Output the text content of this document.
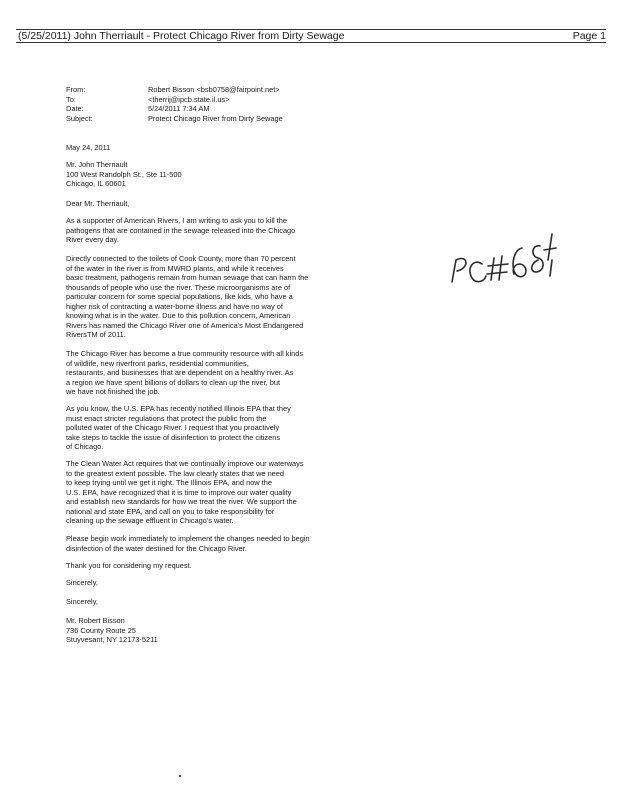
(5/25/2011) John Therriault - Protect Chicago River from Dirty Sewage	Page 1
From:	Robert Bisson <bsb0758@fairpoint.net>
To:	<therrij@ipcb.state.il.us>
Date:	5/24/2011 7:34 AM
Subject:	Protect Chicago River from Dirty Sewage
May 24, 2011
Mr. John Therriault
100 West Randolph St., Ste 11-500
Chicago, IL 60601
Dear Mr. Therriault,
As a supporter of American Rivers, I am writing to ask you to kill the
pathogens that are contained in the sewage released into the Chicago
River every day.
Directly connected to the toilets of Cook County, more than 70 percent
of the water in the river is from MWRD plants, and while it receives
basic treatment, pathogens remain from human sewage that can harm the
thousands of people who use the river. These microorganisms are of
particular concern for some special populations, like kids, who have a
higher risk of contracting a water-borne illness and have no way of
knowing what is in the water. Due to this pollution concern, American
Rivers has named the Chicago River one of America's Most Endangered
RiversTM of 2011.
The Chicago River has become a true community resource with all kinds
of wildlife, new riverfront parks, residential communities,
restaurants, and businesses that are dependent on a healthy river. As
a region we have spent billions of dollars to clean up the river, but
we have not finished the job.
As you know, the U.S. EPA has recently notified Illinois EPA that they
must enact stricter regulations that protect the public from the
polluted water of the Chicago River. I request that you proactively
take steps to tackle the issue of disinfection to protect the citizens
of Chicago.
The Clean Water Act requires that we continually improve our waterways
to the greatest extent possible. The law clearly states that we need
to keep trying until we get it right. The Illinois EPA, and now the
U.S. EPA, have recognized that it is time to improve our water quality
and establish new standards for how we treat the river. We support the
national and state EPA, and call on you to take responsibility for
cleaning up the sewage effluent in Chicago's water.
Please begin work immediately to implement the changes needed to begin
disinfection of the water destined for the Chicago River.
Thank you for considering my request.
Sincerely,
Sincerely,
Mr. Robert Bisson
736 County Route 25
Stuyvesant, NY 12173-5211
PC# 6864
